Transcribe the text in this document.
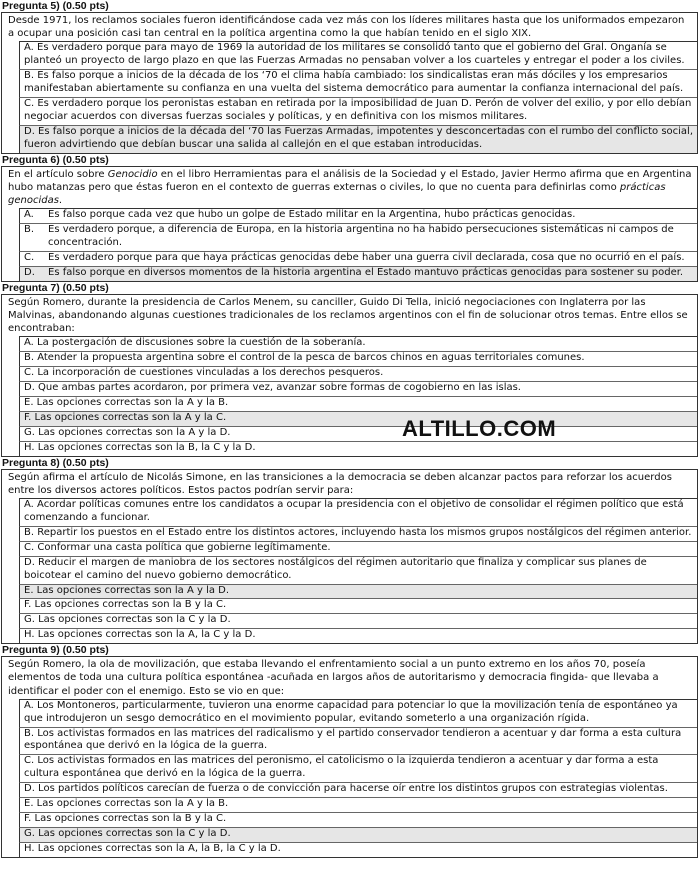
Pregunta 5) (0.50 pts)
Desde 1971, los reclamos sociales fueron identificándose cada vez más con los líderes militares hasta que los uniformados empezaron a ocupar una posición casi tan central en la política argentina como la que habían tenido en el siglo XIX.
A. Es verdadero porque para mayo de 1969 la autoridad de los militares se consolidó tanto que el gobierno del Gral. Onganía se planteó un proyecto de largo plazo en que las Fuerzas Armadas no pensaban volver a los cuarteles y entregar el poder a los civiles.
B. Es falso porque a inicios de la década de los ‘70 el clima había cambiado: los sindicalistas eran más dóciles y los empresarios manifestaban abiertamente su confianza en una vuelta del sistema democrático para aumentar la confianza internacional del país.
C. Es verdadero porque los peronistas estaban en retirada por la imposibilidad de Juan D. Perón de volver del exilio, y por ello debían negociar acuerdos con diversas fuerzas sociales y políticas, y en definitiva con los mismos militares.
D. Es falso porque a inicios de la década del ‘70 las Fuerzas Armadas, impotentes y desconcertadas con el rumbo del conflicto social, fueron advirtiendo que debían buscar una salida al callejón en el que estaban introducidas.
Pregunta 6) (0.50 pts)
En el artículo sobre Genocidio en el libro Herramientas para el análisis de la Sociedad y el Estado, Javier Hermo afirma que en Argentina hubo matanzas pero que éstas fueron en el contexto de guerras externas o civiles, lo que no cuenta para definirlas como prácticas genocidas.
A.	Es falso porque cada vez que hubo un golpe de Estado militar en la Argentina, hubo prácticas genocidas.
B.	Es verdadero porque, a diferencia de Europa, en la historia argentina no ha habido persecuciones sistemáticas ni campos de concentración.
C.	Es verdadero porque para que haya prácticas genocidas debe haber una guerra civil declarada, cosa que no ocurrió en el país.
D.	Es falso porque en diversos momentos de la historia argentina el Estado mantuvo prácticas genocidas para sostener su poder.
Pregunta 7) (0.50 pts)
Según Romero, durante la presidencia de Carlos Menem, su canciller, Guido Di Tella, inició negociaciones con Inglaterra por las Malvinas, abandonando algunas cuestiones tradicionales de los reclamos argentinos con el fin de solucionar otros temas. Entre ellos se encontraban:
A. La postergación de discusiones sobre la cuestión de la soberanía.
B. Atender la propuesta argentina sobre el control de la pesca de barcos chinos en aguas territoriales comunes.
C. La incorporación de cuestiones vinculadas a los derechos pesqueros.
D. Que ambas partes acordaron, por primera vez, avanzar sobre formas de cogobierno en las islas.
E. Las opciones correctas son la A y la B.
F. Las opciones correctas son la A y la C.
G. Las opciones correctas son la A y la D.
H. Las opciones correctas son la B, la C y la D.
Pregunta 8) (0.50 pts)
Según afirma el artículo de Nicolás Simone, en las transiciones a la democracia se deben alcanzar pactos para reforzar los acuerdos entre los diversos actores políticos. Estos pactos podrían servir para:
A. Acordar políticas comunes entre los candidatos a ocupar la presidencia con el objetivo de consolidar el régimen político que está comenzando a funcionar.
B. Repartir los puestos en el Estado entre los distintos actores, incluyendo hasta los mismos grupos nostálgicos del régimen anterior.
C. Conformar una casta política que gobierne legítimamente.
D. Reducir el margen de maniobra de los sectores nostálgicos del régimen autoritario que finaliza y complicar sus planes de boicotear el camino del nuevo gobierno democrático.
E. Las opciones correctas son la A y la D.
F. Las opciones correctas son la B y la C.
G. Las opciones correctas son la C y la D.
H. Las opciones correctas son la A, la C y la D.
Pregunta 9) (0.50 pts)
Según Romero, la ola de movilización, que estaba llevando el enfrentamiento social a un punto extremo en los años 70, poseía elementos de toda una cultura política espontánea -acuñada en largos años de autoritarismo y democracia fingida- que llevaba a identificar el poder con el enemigo. Esto se vio en que:
A. Los Montoneros, particularmente, tuvieron una enorme capacidad para potenciar lo que la movilización tenía de espontáneo ya que introdujeron un sesgo democrático en el movimiento popular, evitando someterlo a una organización rígida.
B. Los activistas formados en las matrices del radicalismo y el partido conservador tendieron a acentuar y dar forma a esta cultura espontánea que derivó en la lógica de la guerra.
C. Los activistas formados en las matrices del peronismo, el catolicismo o la izquierda tendieron a acentuar y dar forma a esta cultura espontánea que derivó en la lógica de la guerra.
D. Los partidos políticos carecían de fuerza o de convicción para hacerse oír entre los distintos grupos con estrategias violentas.
E. Las opciones correctas son la A y la B.
F. Las opciones correctas son la B y la C.
G. Las opciones correctas son la C y la D.
H. Las opciones correctas son la A, la B, la C y la D.
ALTILLO.COM
